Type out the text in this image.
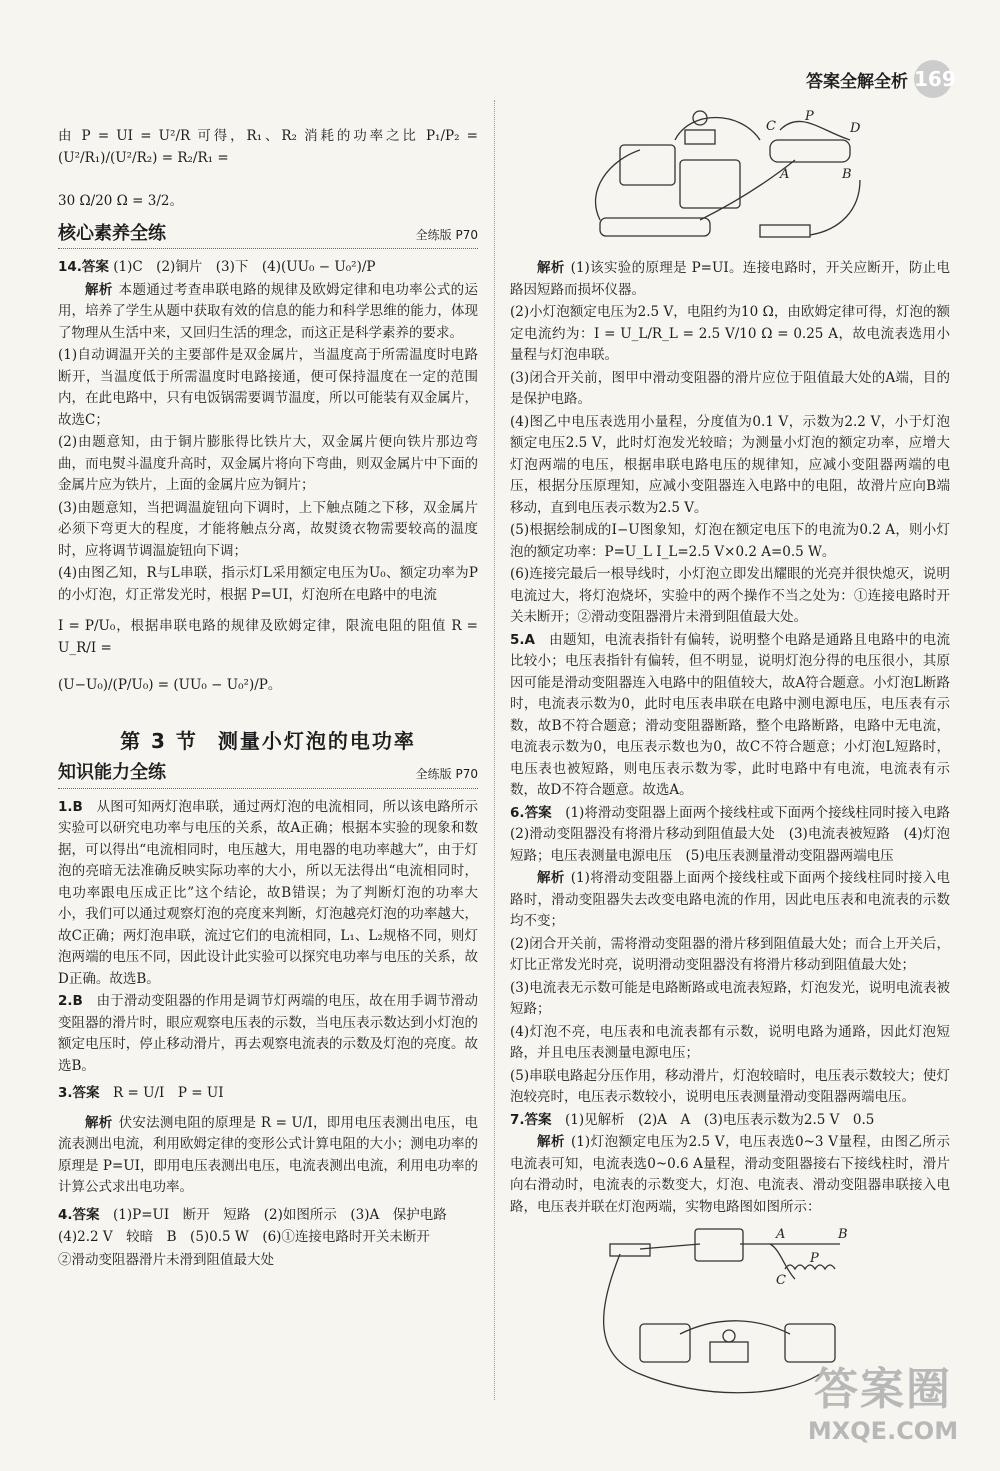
答案全解全析 169

由 P = UI = U²/R 可得，R₁、R₂ 消耗的功率之比 P₁/P₂ = (U²/R₁)/(U²/R₂) = R₂/R₁ =

30 Ω/20 Ω = 3/2。

核心素养全练	全练版 P70

14.答案 (1)C　(2)铜片　(3)下　(4)(UU₀ − U₀²)/P

解析 本题通过考查串联电路的规律及欧姆定律和电功率公式的运用，培养了学生从题中获取有效的信息的能力和科学思维的能力，体现了物理从生活中来，又回归生活的理念，而这正是科学素养的要求。

(1)自动调温开关的主要部件是双金属片，当温度高于所需温度时电路断开，当温度低于所需温度时电路接通，便可保持温度在一定的范围内，在此电路中，只有电饭锅需要调节温度，所以可能装有双金属片，故选C；

(2)由题意知，由于铜片膨胀得比铁片大，双金属片便向铁片那边弯曲，而电熨斗温度升高时，双金属片将向下弯曲，则双金属片中下面的金属片应为铁片，上面的金属片应为铜片；

(3)由题意知，当把调温旋钮向下调时，上下触点随之下移，双金属片必须下弯更大的程度，才能将触点分离，故熨烫衣物需要较高的温度时，应将调节调温旋钮向下调；

(4)由图乙知，R与L串联，指示灯L采用额定电压为U₀、额定功率为P的小灯泡，灯正常发光时，根据 P=UI，灯泡所在电路中的电流

I = P/U₀，根据串联电路的规律及欧姆定律，限流电阻的阻值 R = U_R/I =

(U−U₀)/(P/U₀) = (UU₀ − U₀²)/P。

第 3 节 测量小灯泡的电功率
知识能力全练	全练版 P70

1.B　 从图可知两灯泡串联，通过两灯泡的电流相同，所以该电路所示实验可以研究电功率与电压的关系，故A正确；根据本实验的现象和数据，可以得出“电流相同时，电压越大，用电器的电功率越大”，由于灯泡的亮暗无法准确反映实际功率的大小，所以无法得出“电流相同时，电功率跟电压成正比”这个结论，故B错误；为了判断灯泡的功率大小，我们可以通过观察灯泡的亮度来判断，灯泡越亮灯泡的功率越大，故C正确；两灯泡串联，流过它们的电流相同，L₁、L₂规格不同，则灯泡两端的电压不同，因此设计此实验可以探究电功率与电压的关系，故D正确。故选B。

2.B　 由于滑动变阻器的作用是调节灯两端的电压，故在用手调节滑动变阻器的滑片时，眼应观察电压表的示数，当电压表示数达到小灯泡的额定电压时，停止移动滑片，再去观察电流表的示数及灯泡的亮度。故选B。

3.答案　 R = U/I　P = UI

解析 伏安法测电阻的原理是 R = U/I，即用电压表测出电压，电流表测出电流，利用欧姆定律的变形公式计算电阻的大小；测电功率的原理是 P=UI，即用电压表测出电压，电流表测出电流，利用电功率的计算公式求出电功率。

4.答案　 (1)P=UI　断开　短路　(2)如图所示　(3)A　保护电路

(4)2.2 V　较暗　B　(5)0.5 W　(6)①连接电路时开关未断开

②滑动变阻器滑片未滑到阻值最大处

C
P
D
A	B

解析 (1)该实验的原理是 P=UI。连接电路时，开关应断开，防止电路因短路而损坏仪器。

(2)小灯泡额定电压为2.5 V，电阻约为10 Ω，由欧姆定律可得，灯泡的额定电流约为：I = U_L/R_L = 2.5 V/10 Ω = 0.25 A，故电流表选用小量程与灯泡串联。

(3)闭合开关前，图甲中滑动变阻器的滑片应位于阻值最大处的A端，目的是保护电路。

(4)图乙中电压表选用小量程，分度值为0.1 V，示数为2.2 V，小于灯泡额定电压2.5 V，此时灯泡发光较暗；为测量小灯泡的额定功率，应增大灯泡两端的电压，根据串联电路电压的规律知，应减小变阻器两端的电压，根据分压原理知，应减小变阻器连入电路中的电阻，故滑片应向B端移动，直到电压表示数为2.5 V。

(5)根据绘制成的I−U图象知，灯泡在额定电压下的电流为0.2 A，则小灯泡的额定功率：P=U_L I_L=2.5 V×0.2 A=0.5 W。

(6)连接完最后一根导线时，小灯泡立即发出耀眼的光亮并很快熄灭，说明电流过大，将灯泡烧坏，实验中的两个操作不当之处为：①连接电路时开关未断开；②滑动变阻器滑片未滑到阻值最大处。

5.A　 由题知，电流表指针有偏转，说明整个电路是通路且电路中的电流比较小；电压表指针有偏转，但不明显，说明灯泡分得的电压很小，其原因可能是滑动变阻器连入电路中的阻值较大，故A符合题意。小灯泡L断路时，电流表示数为0，此时电压表串联在电路中测电源电压，电压表有示数，故B不符合题意；滑动变阻器断路，整个电路断路，电路中无电流，电流表示数为0，电压表示数也为0，故C不符合题意；小灯泡L短路时，电压表也被短路，则电压表示数为零，此时电路中有电流，电流表有示数，故D不符合题意。故选A。

6.答案　 (1)将滑动变阻器上面两个接线柱或下面两个接线柱同时接入电路　(2)滑动变阻器没有将滑片移动到阻值最大处　(3)电流表被短路　(4)灯泡短路；电压表测量电源电压　(5)电压表测量滑动变阻器两端电压

解析 (1)将滑动变阻器上面两个接线柱或下面两个接线柱同时接入电路时，滑动变阻器失去改变电路电流的作用，因此电压表和电流表的示数均不变；

(2)闭合开关前，需将滑动变阻器的滑片移到阻值最大处；而合上开关后，灯比正常发光时亮，说明滑动变阻器没有将滑片移动到阻值最大处；

(3)电流表无示数可能是电路断路或电流表短路，灯泡发光，说明电流表被短路；

(4)灯泡不亮，电压表和电流表都有示数，说明电路为通路，因此灯泡短路，并且电压表测量电源电压；

(5)串联电路起分压作用，移动滑片，灯泡较暗时，电压表示数较大；使灯泡较亮时，电压表示数较小，说明电压表测量滑动变阻器两端电压。

7.答案　 (1)见解析　(2)A　A　(3)电压表示数为2.5 V　0.5

解析 (1)灯泡额定电压为2.5 V，电压表选0~3 V量程，由图乙所示电流表可知，电流表选0~0.6 A量程，滑动变阻器接右下接线柱时，滑片向右滑动时，电流表的示数变大，灯泡、电流表、滑动变阻器串联接入电路，电压表并联在灯泡两端，实物电路图如图所示：

A	B
C
P
答案圈
MXQE.COM
